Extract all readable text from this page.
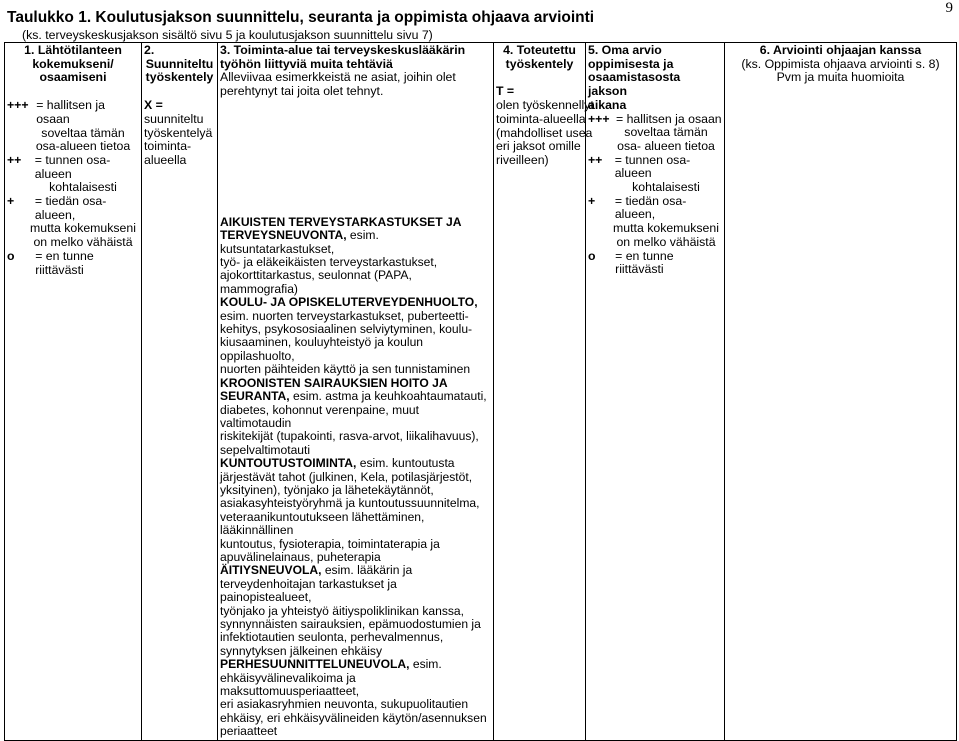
9
Taulukko 1. Koulutusjakson suunnittelu, seuranta ja oppimista ohjaava arviointi
(ks. terveyskeskusjakson sisältö sivu 5 ja koulutusjakson suunnittelu sivu 7)
1. Lähtötilanteen
kokemukseni/
osaamiseni
+++ = hallitsen ja osaan
soveltaa tämän
osa-alueen tietoa
++	= tunnen osa-alueen
kohtalaisesti
+	= tiedän osa-alueen,
mutta kokemukseni
on melko vähäistä
o	= en tunne riittävästi

2.
Suunniteltu
työskentely
X =
suunniteltu
työskentelyä
toiminta-
alueella

3. Toiminta-alue tai terveyskeskuslääkärin
työhön liittyviä muita tehtäviä
Alleviivaa esimerkkeistä ne asiat, joihin olet
perehtynyt tai joita olet tehnyt.
AIKUISTEN TERVEYSTARKASTUKSET JA
TERVEYSNEUVONTA, esim. kutsuntatarkastukset,
työ- ja eläkeikäisten terveystarkastukset,
ajokorttitarkastus, seulonnat (PAPA, mammografia)
KOULU- JA OPISKELUTERVEYDENHUOLTO,
esim. nuorten terveystarkastukset, puberteetti-
kehitys, psykososiaalinen selviytyminen, koulu-
kiusaaminen, kouluyhteistyö ja koulun oppilashuolto,
nuorten päihteiden käyttö ja sen tunnistaminen
KROONISTEN SAIRAUKSIEN HOITO JA
SEURANTA, esim. astma ja keuhkoahtaumatauti,
diabetes, kohonnut verenpaine, muut valtimotaudin
riskitekijät (tupakointi, rasva-arvot, liikalihavuus),
sepelvaltimotauti
KUNTOUTUSTOIMINTA, esim. kuntoutusta
järjestävät tahot (julkinen, Kela, potilasjärjestöt,
yksityinen), työnjako ja lähetekäytännöt,
asiakasyhteistyöryhmä ja kuntoutussuunnitelma,
veteraanikuntoutukseen lähettäminen, lääkinnällinen
kuntoutus, fysioterapia, toimintaterapia ja
apuvälinelainaus, puheterapia
ÄITIYSNEUVOLA, esim. lääkärin ja
terveydenhoitajan tarkastukset ja painopistealueet,
työnjako ja yhteistyö äitiyspoliklinikan kanssa,
synnynnäisten sairauksien, epämuodostumien ja
infektiotautien seulonta, perhevalmennus,
synnytyksen jälkeinen ehkäisy
PERHESUUNNITTELUNEUVOLA, esim.
ehkäisyvälinevalikoima ja maksuttomuusperiaatteet,
eri asiakasryhmien neuvonta, sukupuolitautien
ehkäisy, eri ehkäisyvälineiden käytön/asennuksen
periaatteet

4. Toteutettu
työskentely
T =
olen työskennellyt
toiminta-alueella
(mahdolliset usea
eri jaksot omille
riveilleen)

5. Oma arvio
oppimisesta ja
osaamistasosta jakson
aikana
+++ = hallitsen ja osaan
soveltaa tämän
osa- alueen tietoa
++	= tunnen osa-alueen
kohtalaisesti
+	= tiedän osa-alueen,
mutta kokemukseni
on melko vähäistä
o	= en tunne riittävästi

6. Arviointi ohjaajan kanssa
(ks. Oppimista ohjaava arviointi s. 8)
Pvm ja muita huomioita
